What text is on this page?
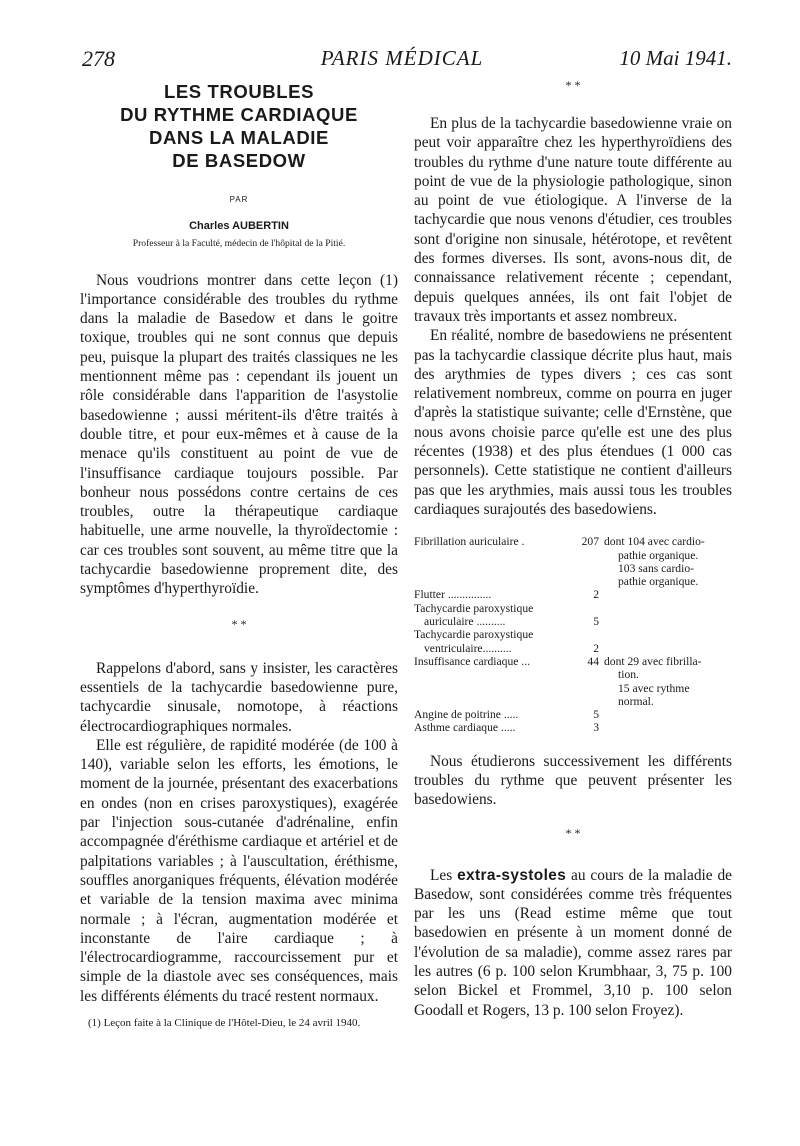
278	PARIS MÉDICAL	10 Mai 1941.
LES TROUBLES
DU RYTHME CARDIAQUE
DANS LA MALADIE
DE BASEDOW
PAR
Charles AUBERTIN
Professeur à la Faculté, médecin de l'hôpital de la Pitié.

Nous voudrions montrer dans cette leçon (1) l'importance considérable des troubles du rythme dans la maladie de Basedow et dans le goitre toxique, troubles qui ne sont connus que depuis peu, puisque la plupart des traités classiques ne les mentionnent même pas : cependant ils jouent un rôle considérable dans l'apparition de l'asystolie basedowienne ; aussi méritent-ils d'être traités à double titre, et pour eux-mêmes et à cause de la menace qu'ils constituent au point de vue de l'insuffisance cardiaque toujours possible. Par bonheur nous possédons contre certains de ces troubles, outre la thérapeutique cardiaque habituelle, une arme nouvelle, la thyroïdectomie : car ces troubles sont souvent, au même titre que la tachycardie basedowienne proprement dite, des symptômes d'hyperthyroïdie.

* *

Rappelons d'abord, sans y insister, les caractères essentiels de la tachycardie basedowienne pure, tachycardie sinusale, nomotope, à réactions électrocardiographiques normales.

Elle est régulière, de rapidité modérée (de 100 à 140), variable selon les efforts, les émotions, le moment de la journée, présentant des exacerbations en ondes (non en crises paroxystiques), exagérée par l'injection sous-cutanée d'adrénaline, enfin accompagnée d'éréthisme cardiaque et artériel et de palpitations variables ; à l'auscultation, éréthisme, souffles anorganiques fréquents, élévation modérée et variable de la tension maxima avec minima normale ; à l'écran, augmentation modérée et inconstante de l'aire cardiaque ; à l'électrocardiogramme, raccourcissement pur et simple de la diastole avec ses conséquences, mais les différents éléments du tracé restent normaux.

(1) Leçon faite à la Clinique de l'Hôtel-Dieu, le 24 avril 1940.

* *

En plus de la tachycardie basedowienne vraie on peut voir apparaître chez les hyperthyroïdiens des troubles du rythme d'une nature toute différente au point de vue de la physiologie pathologique, sinon au point de vue étiologique. A l'inverse de la tachycardie que nous venons d'étudier, ces troubles sont d'origine non sinusale, hétérotope, et revêtent des formes diverses. Ils sont, avons-nous dit, de connaissance relativement récente ; cependant, depuis quelques années, ils ont fait l'objet de travaux très importants et assez nombreux.

En réalité, nombre de basedowiens ne présentent pas la tachycardie classique décrite plus haut, mais des arythmies de types divers ; ces cas sont relativement nombreux, comme on pourra en juger d'après la statistique suivante; celle d'Ernstène, que nous avons choisie parce qu'elle est une des plus récentes (1938) et des plus étendues (1 000 cas personnels). Cette statistique ne contient d'ailleurs pas que les arythmies, mais aussi tous les troubles cardiaques surajoutés des basedowiens.

Fibrillation auriculaire .	207	dont 104 avec cardio-
pathie organique.
103 sans cardio-
pathie organique.

Flutter ...............	2	
Tachycardie paroxystique
auriculaire ..........	5	
Tachycardie paroxystique
ventriculaire..........	2	
Insuffisance cardiaque ...	44	dont 29 avec fibrilla-
tion.
15 avec rythme
normal.

Angine de poitrine .....	5	
Asthme cardiaque .....	3	

Nous étudierons successivement les différents troubles du rythme que peuvent présenter les basedowiens.

* *

Les extra-systoles au cours de la maladie de Basedow, sont considérées comme très fréquentes par les uns (Read estime même que tout basedowien en présente à un moment donné de l'évolution de sa maladie), comme assez rares par les autres (6 p. 100 selon Krumbhaar, 3, 75 p. 100 selon Bickel et Frommel, 3,10 p. 100 selon Goodall et Rogers, 13 p. 100 selon Froyez).
